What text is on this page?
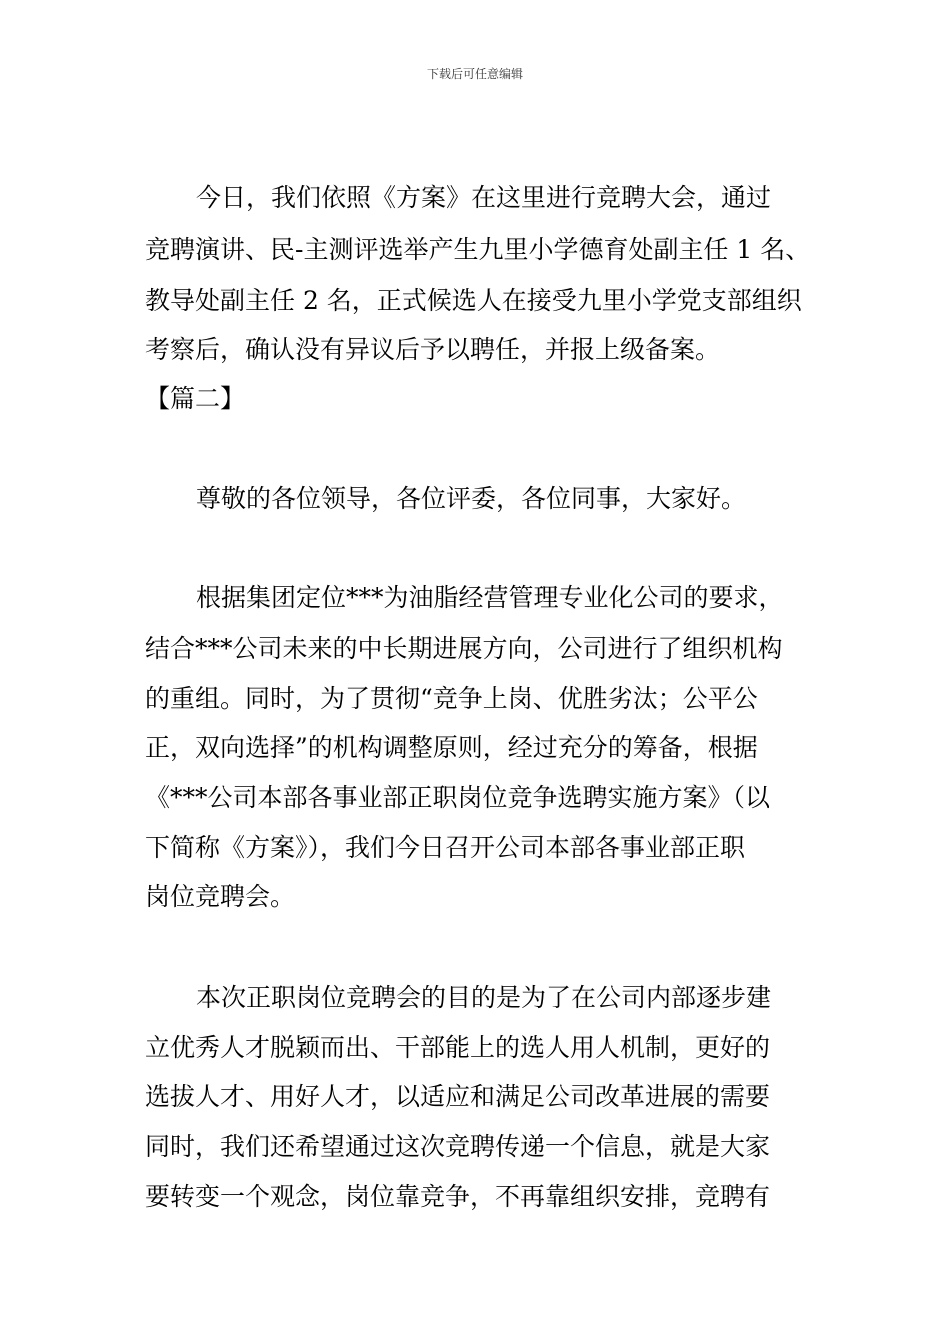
下载后可任意编辑
今日，我们依照《方案》在这里进行竞聘大会，通过
竞聘演讲、民-主测评选举产生九里小学德育处副主任 1 名、
教导处副主任 2 名，正式候选人在接受九里小学党支部组织
考察后，确认没有异议后予以聘任，并报上级备案。
【篇二】
尊敬的各位领导，各位评委，各位同事，大家好。
根据集团定位***为油脂经营管理专业化公司的要求，
结合***公司未来的中长期进展方向，公司进行了组织机构
的重组。同时，为了贯彻“竞争上岗、优胜劣汰；公平公
正，双向选择”的机构调整原则，经过充分的筹备，根据
《***公司本部各事业部正职岗位竞争选聘实施方案》（以
下简称《方案》），我们今日召开公司本部各事业部正职
岗位竞聘会。
本次正职岗位竞聘会的目的是为了在公司内部逐步建
立优秀人才脱颖而出、干部能上的选人用人机制，更好的
选拔人才、用好人才，以适应和满足公司改革进展的需要
同时，我们还希望通过这次竞聘传递一个信息，就是大家
要转变一个观念，岗位靠竞争，不再靠组织安排，竞聘有
